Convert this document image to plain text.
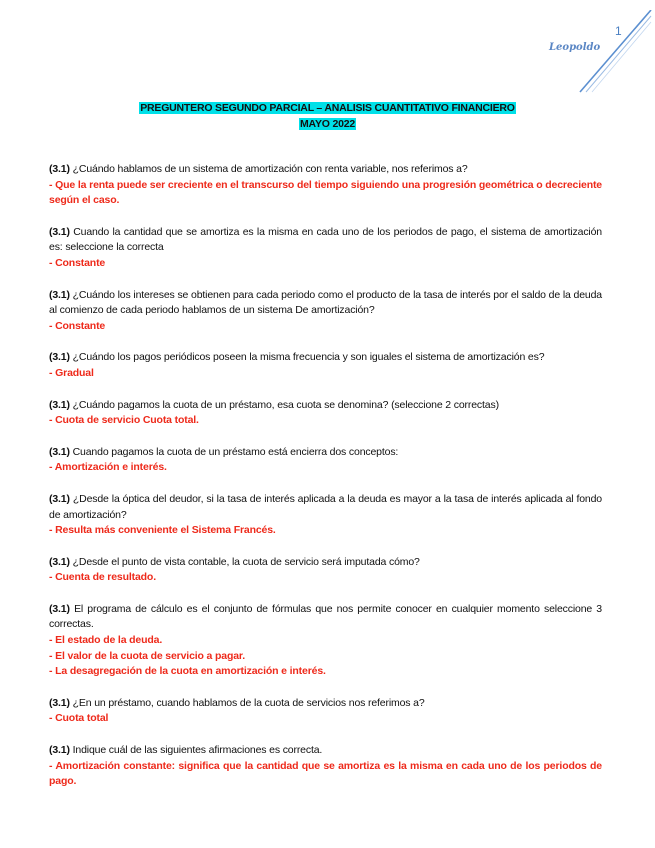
1
Leopoldo
PREGUNTERO SEGUNDO PARCIAL – ANALISIS CUANTITATIVO FINANCIERO
MAYO 2022
(3.1) ¿Cuándo hablamos de un sistema de amortización con renta variable, nos referimos a?
- Que la renta puede ser creciente en el transcurso del tiempo siguiendo una progresión geométrica o decreciente según el caso.
(3.1) Cuando la cantidad que se amortiza es la misma en cada uno de los periodos de pago, el sistema de amortización es: seleccione la correcta
- Constante
(3.1) ¿Cuándo los intereses se obtienen para cada periodo como el producto de la tasa de interés por el saldo de la deuda al comienzo de cada periodo hablamos de un sistema De amortización?
- Constante
(3.1) ¿Cuándo los pagos periódicos poseen la misma frecuencia y son iguales el sistema de amortización es?
- Gradual
(3.1) ¿Cuándo pagamos la cuota de un préstamo, esa cuota se denomina? (seleccione 2 correctas)
- Cuota de servicio Cuota total.
(3.1) Cuando pagamos la cuota de un préstamo está encierra dos conceptos:
- Amortización e interés.
(3.1) ¿Desde la óptica del deudor, si la tasa de interés aplicada a la deuda es mayor a la tasa de interés aplicada al fondo de amortización?
- Resulta más conveniente el Sistema Francés.
(3.1) ¿Desde el punto de vista contable, la cuota de servicio será imputada cómo?
- Cuenta de resultado.
(3.1) El programa de cálculo es el conjunto de fórmulas que nos permite conocer en cualquier momento seleccione 3 correctas.
- El estado de la deuda.
- El valor de la cuota de servicio a pagar.
- La desagregación de la cuota en amortización e interés.
(3.1) ¿En un préstamo, cuando hablamos de la cuota de servicios nos referimos a?
- Cuota total
(3.1) Indique cuál de las siguientes afirmaciones es correcta.
- Amortización constante: significa que la cantidad que se amortiza es la misma en cada uno de los periodos de pago.
